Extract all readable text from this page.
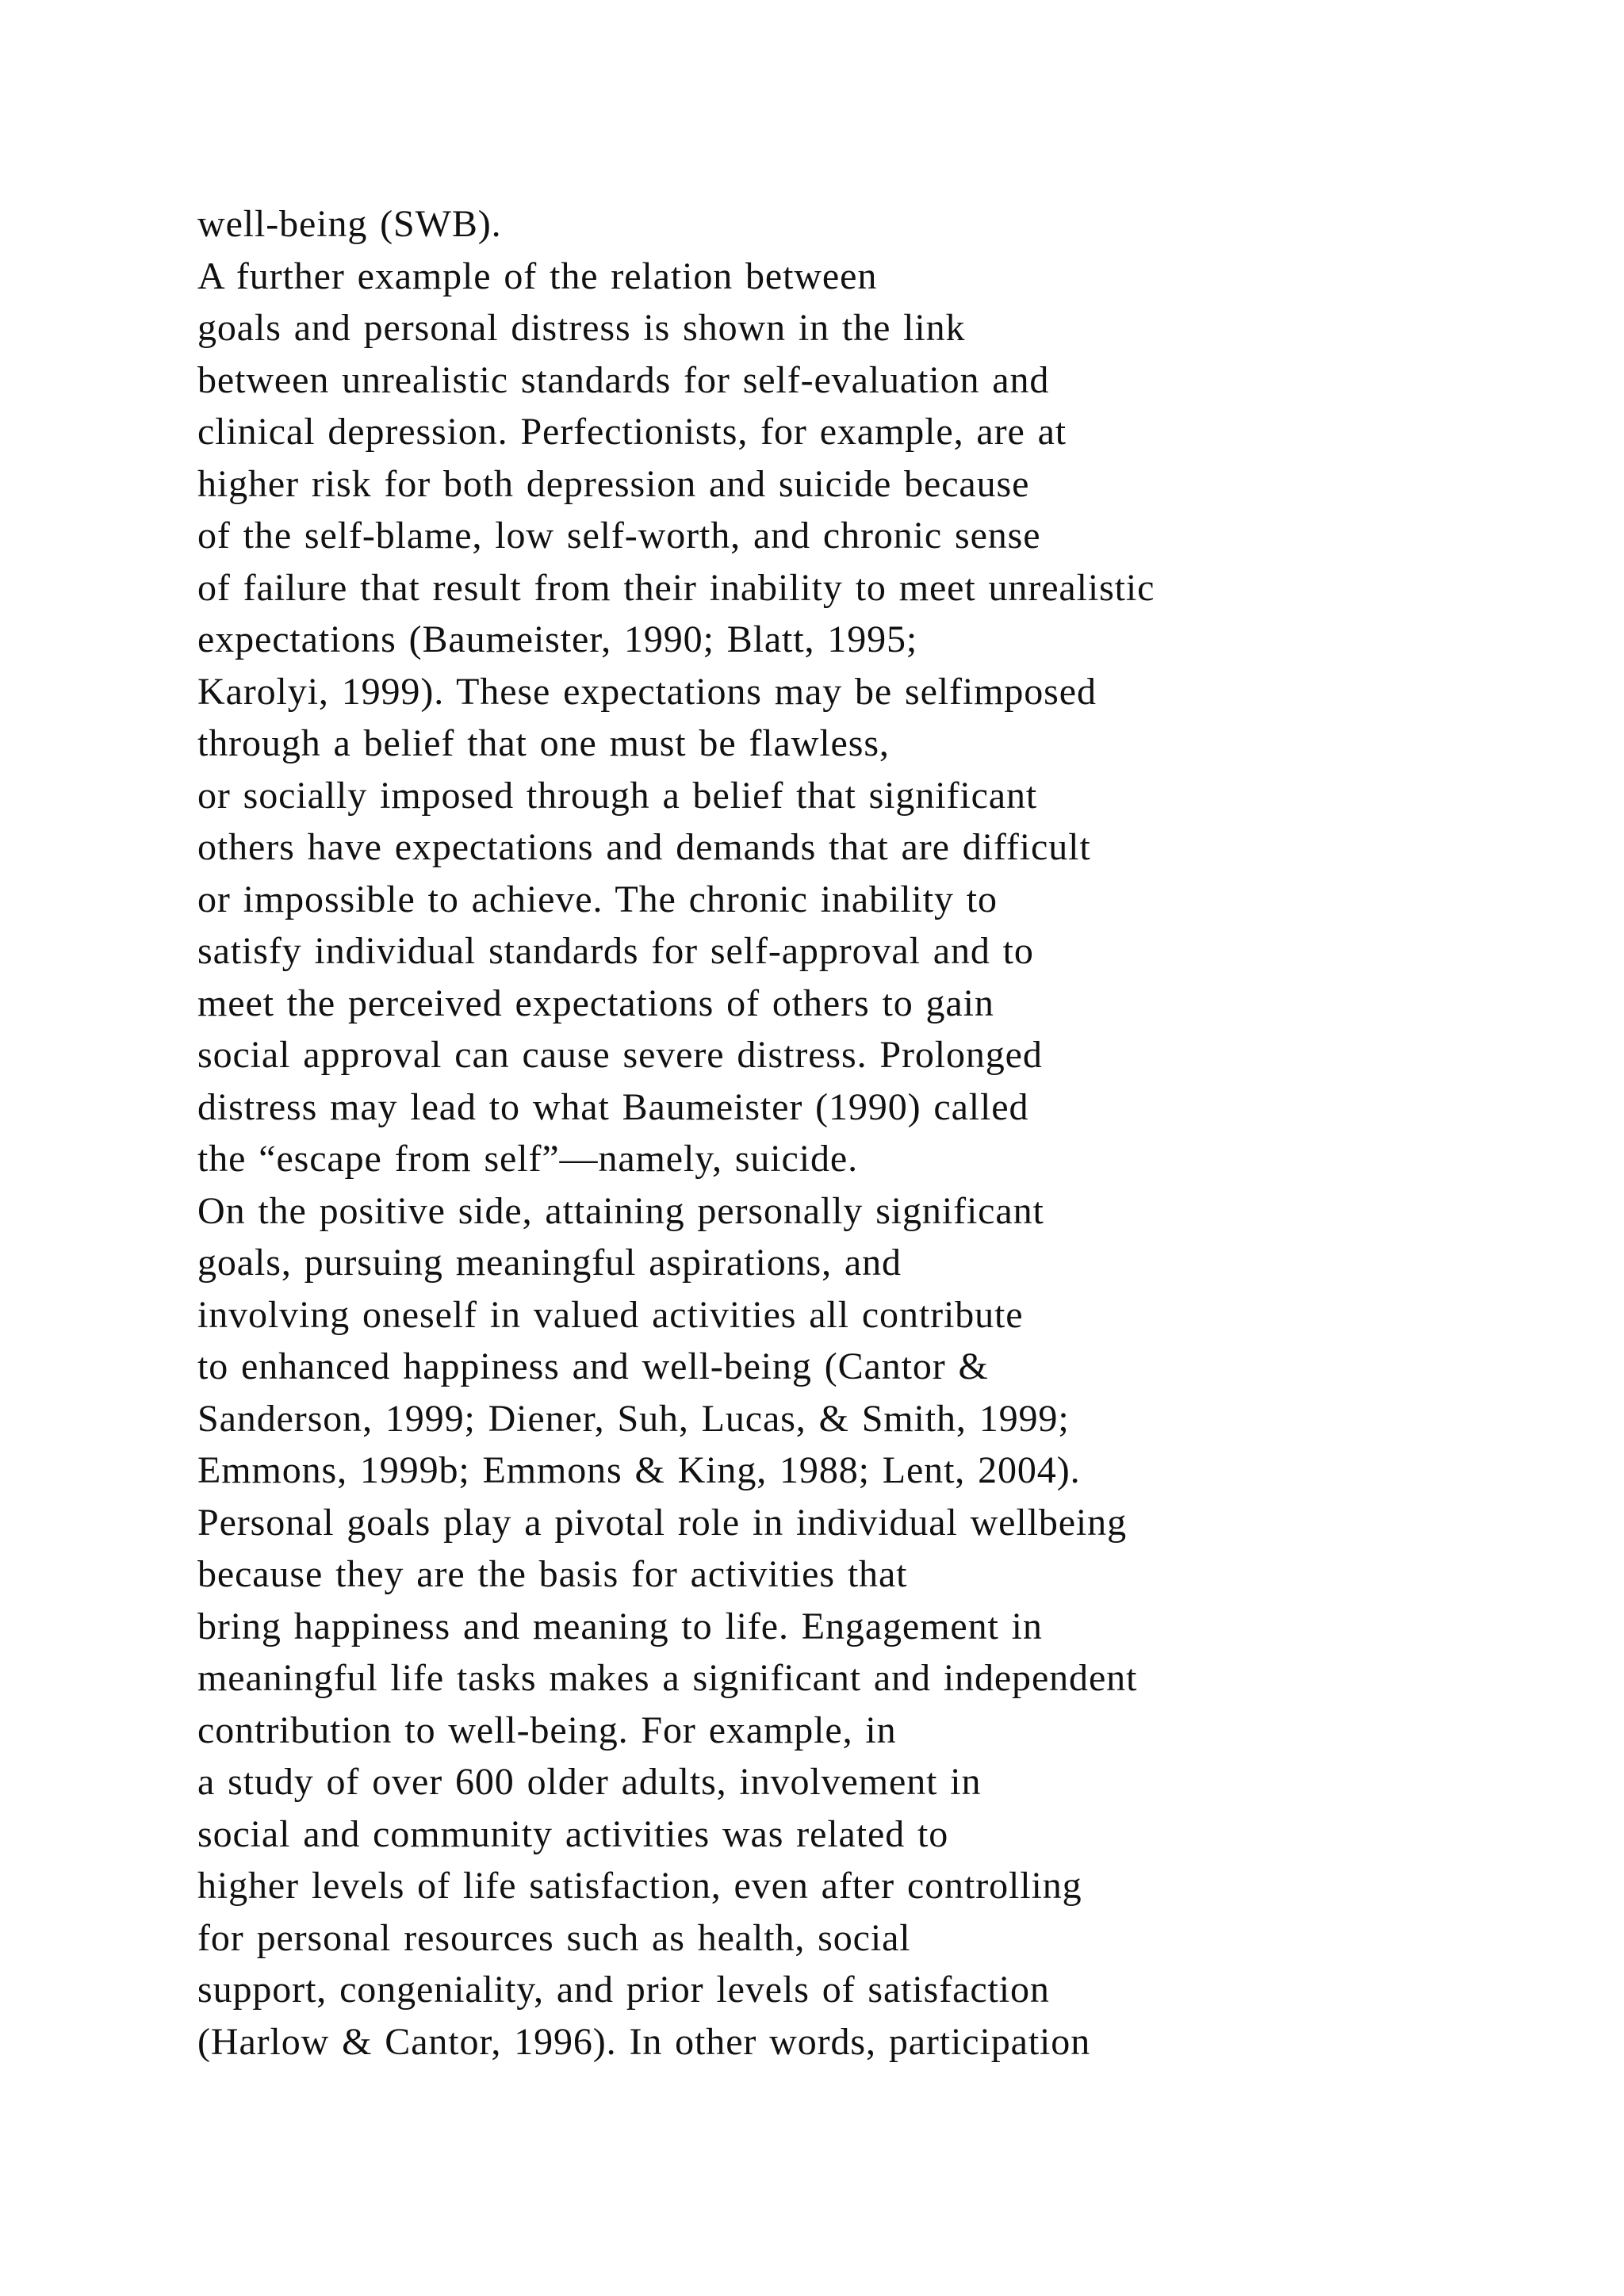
well-being (SWB).
A further example of the relation between
goals and personal distress is shown in the link
between unrealistic standards for self-evaluation and
clinical depression. Perfectionists, for example, are at
higher risk for both depression and suicide because
of the self-blame, low self-worth, and chronic sense
of failure that result from their inability to meet unrealistic
expectations (Baumeister, 1990; Blatt, 1995;
Karolyi, 1999). These expectations may be selfimposed
through a belief that one must be flawless,
or socially imposed through a belief that significant
others have expectations and demands that are difficult
or impossible to achieve. The chronic inability to
satisfy individual standards for self-approval and to
meet the perceived expectations of others to gain
social approval can cause severe distress. Prolonged
distress may lead to what Baumeister (1990) called
the “escape from self”—namely, suicide.
On the positive side, attaining personally significant
goals, pursuing meaningful aspirations, and
involving oneself in valued activities all contribute
to enhanced happiness and well-being (Cantor &
Sanderson, 1999; Diener, Suh, Lucas, & Smith, 1999;
Emmons, 1999b; Emmons & King, 1988; Lent, 2004).
Personal goals play a pivotal role in individual wellbeing
because they are the basis for activities that
bring happiness and meaning to life. Engagement in
meaningful life tasks makes a significant and independent
contribution to well-being. For example, in
a study of over 600 older adults, involvement in
social and community activities was related to
higher levels of life satisfaction, even after controlling
for personal resources such as health, social
support, congeniality, and prior levels of satisfaction
(Harlow & Cantor, 1996). In other words, participation
